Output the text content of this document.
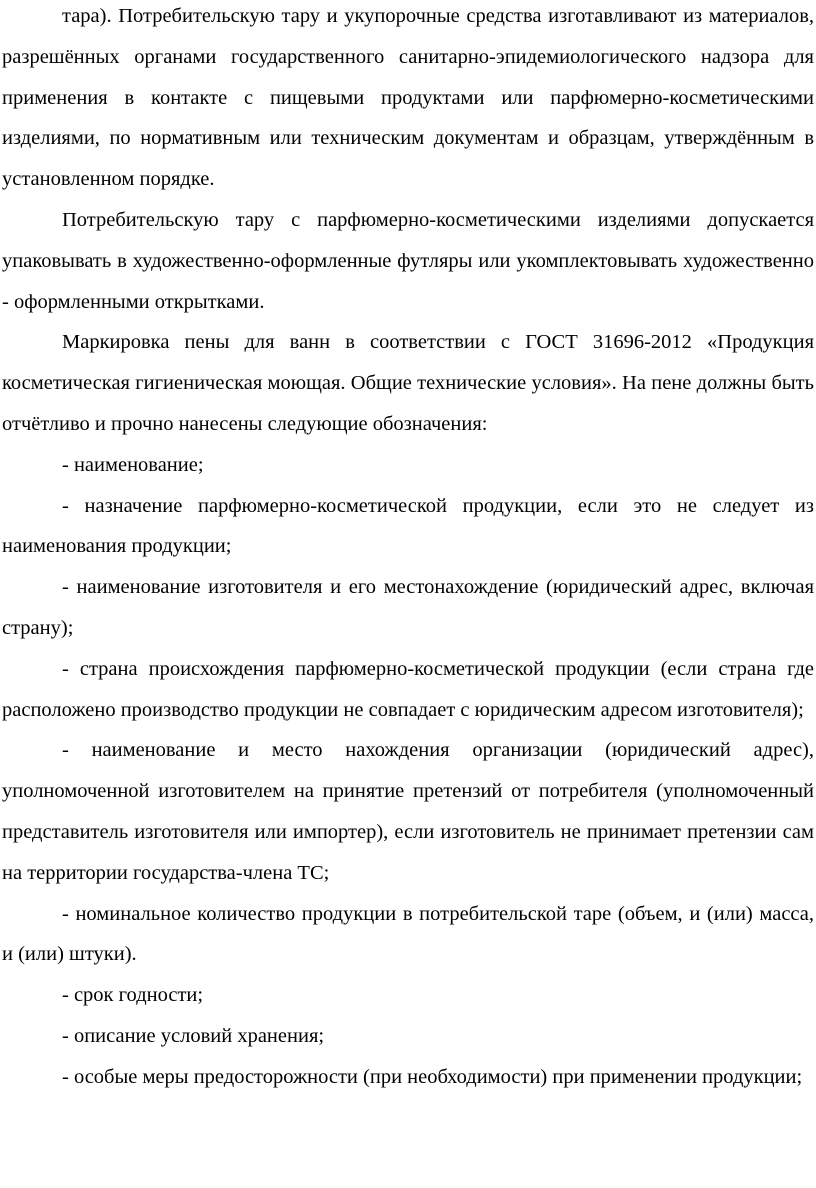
тара). Потребительскую тару и укупорочные средства изготавливают из материалов, разрешённых органами государственного санитарно-эпидемиологического надзора для применения в контакте с пищевыми продуктами или парфюмерно-косметическими изделиями, по нормативным или техническим документам и образцам, утверждённым в установленном порядке.

Потребительскую тару с парфюмерно-косметическими изделиями допускается упаковывать в художественно-оформленные футляры или укомплектовывать художественно - оформленными открытками.

Маркировка пены для ванн в соответствии с ГОСТ 31696-2012 «Продукция косметическая гигиеническая моющая. Общие технические условия». На пене должны быть отчётливо и прочно нанесены следующие обозначения:

- наименование;

- назначение парфюмерно-косметической продукции, если это не следует из наименования продукции;

- наименование изготовителя и его местонахождение (юридический адрес, включая страну);

- страна происхождения парфюмерно-косметической продукции (если страна где расположено производство продукции не совпадает с юридическим адресом изготовителя);

- наименование и место нахождения организации (юридический адрес), уполномоченной изготовителем на принятие претензий от потребителя (уполномоченный представитель изготовителя или импортер), если изготовитель не принимает претензии сам на территории государства-члена ТС;

- номинальное количество продукции в потребительской таре (объем, и (или) масса, и (или) штуки).

- срок годности;

- описание условий хранения;

- особые меры предосторожности (при необходимости) при применении продукции;
